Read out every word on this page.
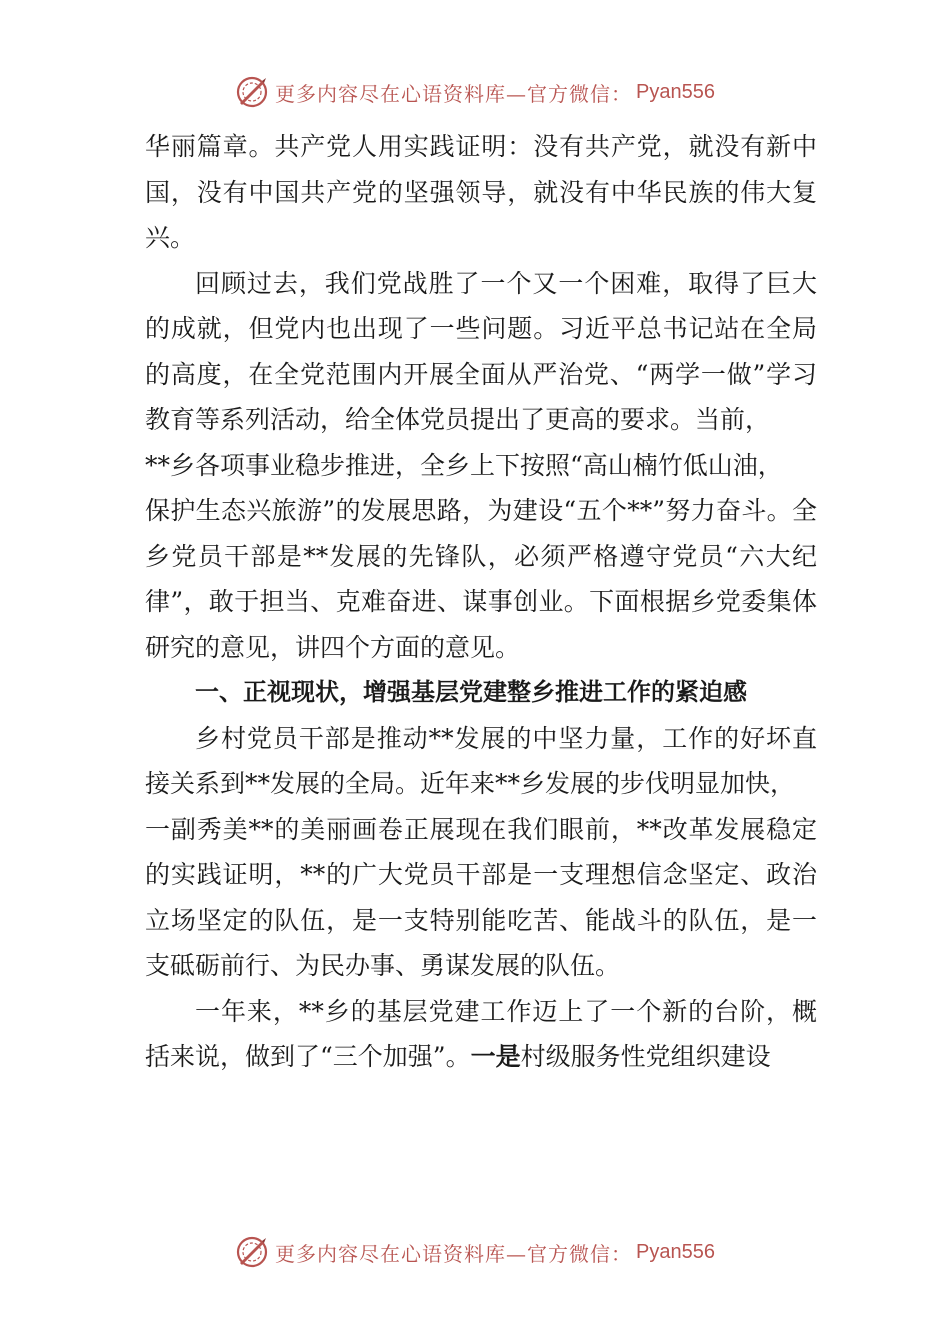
更多内容尽在心语资料库—官方微信： Pyan556

华丽篇章。共产党人用实践证明：没有共产党，就没有新中国，没有中国共产党的坚强领导，就没有中华民族的伟大复兴。

回顾过去，我们党战胜了一个又一个困难，取得了巨大的成就，但党内也出现了一些问题。习近平总书记站在全局的高度，在全党范围内开展全面从严治党、“两学一做”学习教育等系列活动，给全体党员提出了更高的要求。当前，

**乡各项事业稳步推进，全乡上下按照“高山楠竹低山油，

保护生态兴旅游”的发展思路，为建设“五个**”努力奋斗。全乡党员干部是**发展的先锋队，必须严格遵守党员“六大纪律”，敢于担当、克难奋进、谋事创业。下面根据乡党委集体研究的意见，讲四个方面的意见。

一、正视现状，增强基层党建整乡推进工作的紧迫感

乡村党员干部是推动**发展的中坚力量，工作的好坏直接关系到**发展的全局。近年来**乡发展的步伐明显加快，

一副秀美**的美丽画卷正展现在我们眼前，**改革发展稳定的实践证明，**的广大党员干部是一支理想信念坚定、政治立场坚定的队伍，是一支特别能吃苦、能战斗的队伍，是一支砥砺前行、为民办事、勇谋发展的队伍。

一年来，**乡的基层党建工作迈上了一个新的台阶，概括来说，做到了“三个加强”。一是村级服务性党组织建设

更多内容尽在心语资料库—官方微信： Pyan556
